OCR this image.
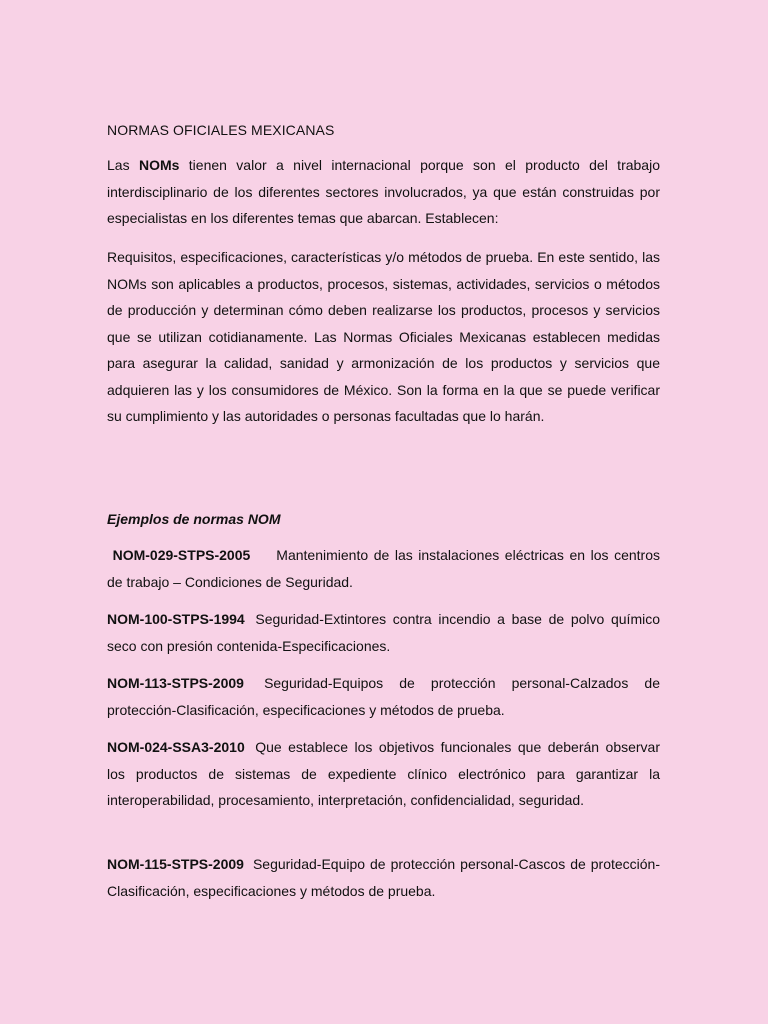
NORMAS OFICIALES MEXICANAS

Las NOMs tienen valor a nivel internacional porque son el producto del trabajo interdisciplinario de los diferentes sectores involucrados, ya que están construidas por especialistas en los diferentes temas que abarcan. Establecen:

Requisitos, especificaciones, características y/o métodos de prueba. En este sentido, las NOMs son aplicables a productos, procesos, sistemas, actividades, servicios o métodos de producción y determinan cómo deben realizarse los productos, procesos y servicios que se utilizan cotidianamente. Las Normas Oficiales Mexicanas establecen medidas para asegurar la calidad, sanidad y armonización de los productos y servicios que adquieren las y los consumidores de México. Son la forma en la que se puede verificar su cumplimiento y las autoridades o personas facultadas que lo harán.

Ejemplos de normas NOM

NOM-029-STPS-2005 Mantenimiento de las instalaciones eléctricas en los centros de trabajo – Condiciones de Seguridad.

NOM-100-STPS-1994 Seguridad-Extintores contra incendio a base de polvo químico seco con presión contenida-Especificaciones.

NOM-113-STPS-2009 Seguridad-Equipos de protección personal-Calzados de protección-Clasificación, especificaciones y métodos de prueba.

NOM-024-SSA3-2010 Que establece los objetivos funcionales que deberán observar los productos de sistemas de expediente clínico electrónico para garantizar la interoperabilidad, procesamiento, interpretación, confidencialidad, seguridad.

NOM-115-STPS-2009 Seguridad-Equipo de protección personal-Cascos de protección-Clasificación, especificaciones y métodos de prueba.
